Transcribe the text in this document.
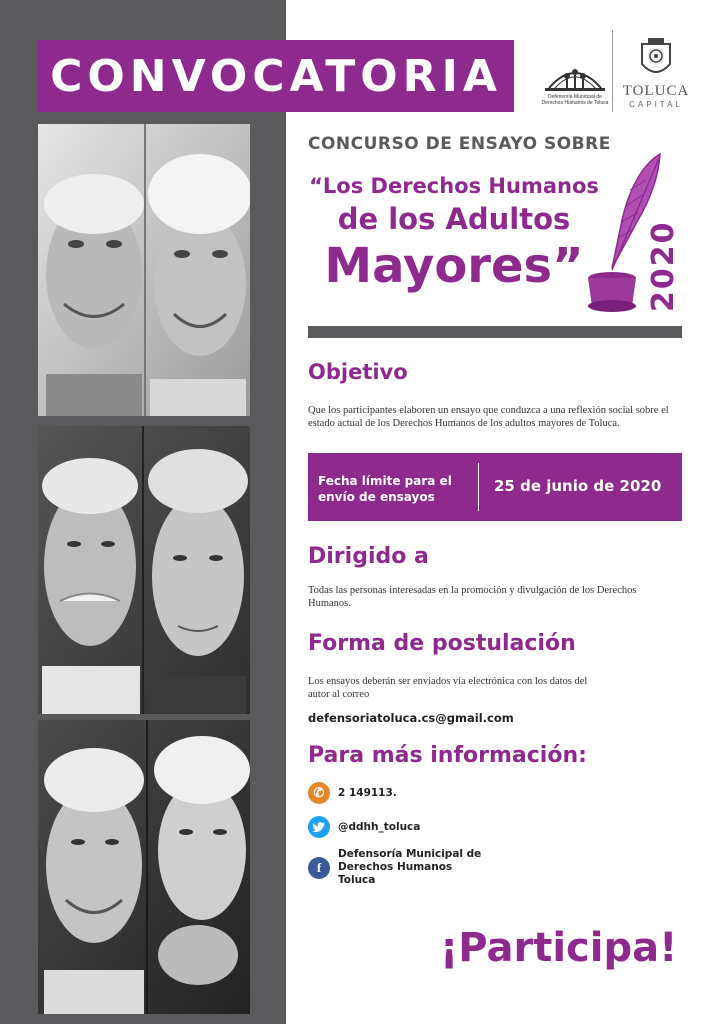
CONVOCATORIA	Defensoría Municipal de Derechos Humanos de Toluca
TOLUCA
CAPITAL
CONCURSO DE ENSAYO SOBRE
“Los Derechos Humanos
de los Adultos
Mayores”	2020
Objetivo
Que los participantes elaboren un ensayo que conduzca a una reflexión social sobre el estado actual de los Derechos Humanos de los adultos mayores de Toluca.
Fecha límite para el envío de ensayos
25 de junio de 2020
Dirigido a
Todas las personas interesadas en la promoción y divulgación de los Derechos Humanos.
Forma de postulación
Los ensayos deberán ser enviados vía electrónica con los datos del autor al correo
defensoriatoluca.cs@gmail.com
Para más información:
✆	2 149113.
@ddhh_toluca
f
Defensoría Municipal de Derechos Humanos Toluca
¡Participa!
